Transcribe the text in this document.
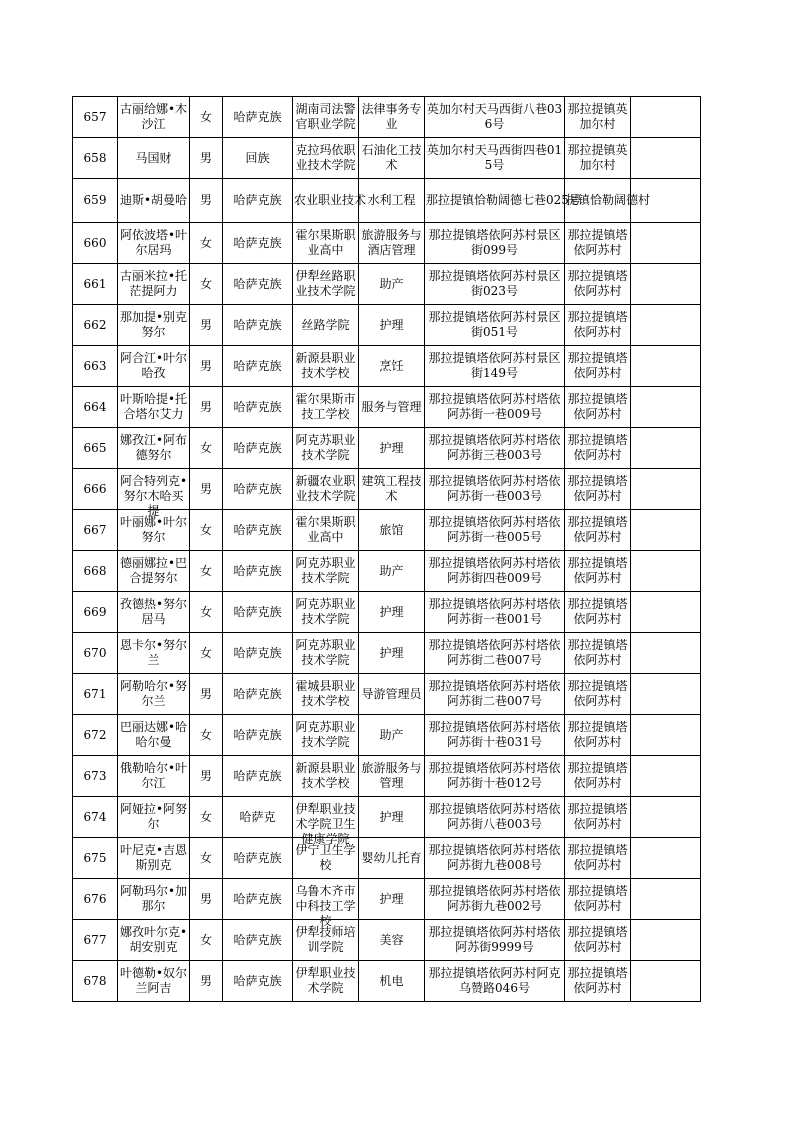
657	古丽给娜•木沙江	女	哈萨克族	湖南司法警官职业学院	法律事务专业	英加尔村天马西街八巷036号	那拉提镇英加尔村	

658	马国财	男	回族	克拉玛依职业技术学院	石油化工技术	英加尔村天马西街四巷015号	那拉提镇英加尔村	

659	迪斯•胡曼哈	男	哈萨克族	农业职业技术	水利工程	那拉提镇恰勒阔德七巷025号	提镇恰勒阔德村	

660	阿依波塔•叶尔居玛	女	哈萨克族	霍尔果斯职业高中	旅游服务与酒店管理	那拉提镇塔依阿苏村景区街099号	那拉提镇塔依阿苏村	

661	古丽米拉•托茫提阿力	女	哈萨克族	伊犁丝路职业技术学院	助产	那拉提镇塔依阿苏村景区街023号	那拉提镇塔依阿苏村	

662	那加提•别克努尔	男	哈萨克族	丝路学院	护理	那拉提镇塔依阿苏村景区街051号	那拉提镇塔依阿苏村	

663	阿合江•叶尔哈孜	男	哈萨克族	新源县职业技术学校	烹饪	那拉提镇塔依阿苏村景区街149号	那拉提镇塔依阿苏村	

664	叶斯哈提•托合塔尔艾力	男	哈萨克族	霍尔果斯市技工学校	服务与管理	那拉提镇塔依阿苏村塔依阿苏街一巷009号	那拉提镇塔依阿苏村	

665	娜孜江•阿布德努尔	女	哈萨克族	阿克苏职业技术学院	护理	那拉提镇塔依阿苏村塔依阿苏街三巷003号	那拉提镇塔依阿苏村	

666	阿合特列克•努尔木哈买提	男	哈萨克族	新疆农业职业技术学院	建筑工程技术	那拉提镇塔依阿苏村塔依阿苏街一巷003号	那拉提镇塔依阿苏村	

667	叶丽娜•叶尔努尔	女	哈萨克族	霍尔果斯职业高中	旅馆	那拉提镇塔依阿苏村塔依阿苏街一巷005号	那拉提镇塔依阿苏村	

668	德丽娜拉•巴合提努尔	女	哈萨克族	阿克苏职业技术学院	助产	那拉提镇塔依阿苏村塔依阿苏街四巷009号	那拉提镇塔依阿苏村	

669	孜德热•努尔居马	女	哈萨克族	阿克苏职业技术学院	护理	那拉提镇塔依阿苏村塔依阿苏街一巷001号	那拉提镇塔依阿苏村	

670	恩卡尔•努尔兰	女	哈萨克族	阿克苏职业技术学院	护理	那拉提镇塔依阿苏村塔依阿苏街二巷007号	那拉提镇塔依阿苏村	

671	阿勒哈尔•努尔兰	男	哈萨克族	霍城县职业技术学校	导游管理员	那拉提镇塔依阿苏村塔依阿苏街二巷007号	那拉提镇塔依阿苏村	

672	巴丽达娜•哈哈尔曼	女	哈萨克族	阿克苏职业技术学院	助产	那拉提镇塔依阿苏村塔依阿苏街十巷031号	那拉提镇塔依阿苏村	

673	俄勒哈尔•叶尔江	男	哈萨克族	新源县职业技术学校	旅游服务与管理	那拉提镇塔依阿苏村塔依阿苏街十巷012号	那拉提镇塔依阿苏村	

674	阿娅拉•阿努尔	女	哈萨克	伊犁职业技术学院卫生健康学院	护理	那拉提镇塔依阿苏村塔依阿苏街八巷003号	那拉提镇塔依阿苏村	

675	叶尼克•吉恩斯别克	女	哈萨克族	伊宁卫生学校	婴幼儿托育	那拉提镇塔依阿苏村塔依阿苏街九巷008号	那拉提镇塔依阿苏村	

676	阿勒玛尔•加那尔	男	哈萨克族	乌鲁木齐市中科技工学校	护理	那拉提镇塔依阿苏村塔依阿苏街九巷002号	那拉提镇塔依阿苏村	

677	娜孜叶尔克•胡安别克	女	哈萨克族	伊犁技师培训学院	美容	那拉提镇塔依阿苏村塔依阿苏街9999号	那拉提镇塔依阿苏村	

678	叶德勒•奴尔兰阿吉	男	哈萨克族	伊犁职业技术学院	机电	那拉提镇塔依阿苏村阿克乌赞路046号	那拉提镇塔依阿苏村	
